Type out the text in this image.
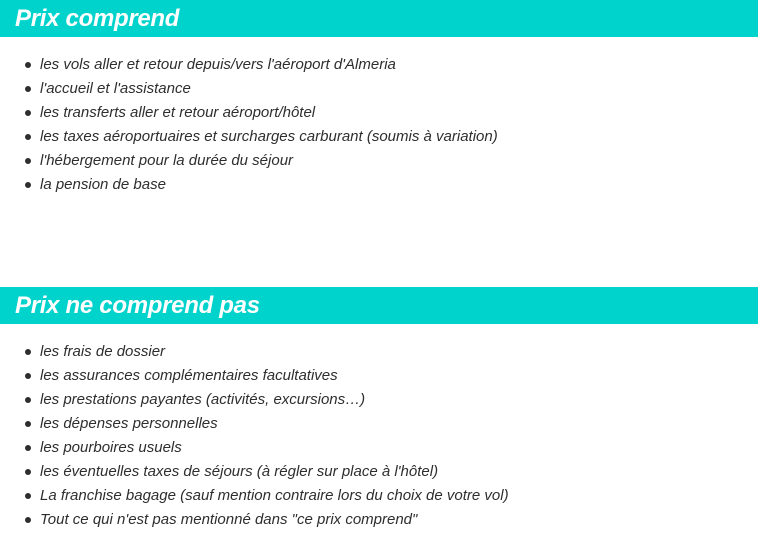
Prix comprend
les vols aller et retour depuis/vers l'aéroport d'Almeria
l'accueil et l'assistance
les transferts aller et retour aéroport/hôtel
les taxes aéroportuaires et surcharges carburant (soumis à variation)
l'hébergement pour la durée du séjour
la pension de base
Prix ne comprend pas
les frais de dossier
les assurances complémentaires facultatives
les prestations payantes (activités, excursions…)
les dépenses personnelles
les pourboires usuels
les éventuelles taxes de séjours (à régler sur place à l'hôtel)
La franchise bagage (sauf mention contraire lors du choix de votre vol)
Tout ce qui n'est pas mentionné dans "ce prix comprend"
